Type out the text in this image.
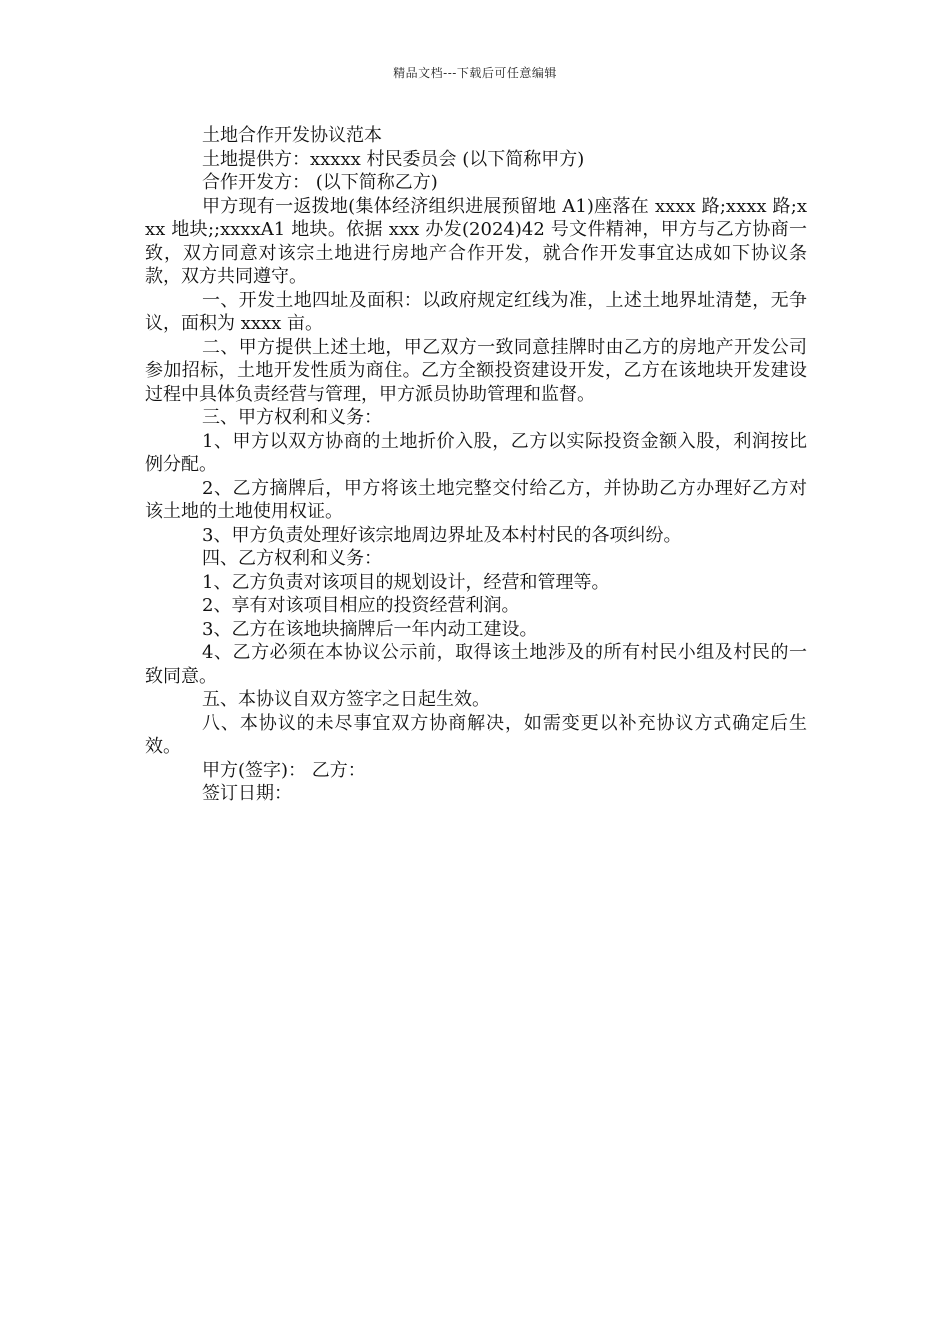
精品文档---下载后可任意编辑

土地合作开发协议范本

土地提供方：xxxxx 村民委员会 (以下简称甲方)

合作开发方： (以下简称乙方)

甲方现有一返拨地(集体经济组织进展预留地 A1)座落在 xxxx 路;xxxx 路;xxx 地块;;xxxxA1 地块。依据 xxx 办发(2024)42 号文件精神，甲方与乙方协商一致，双方同意对该宗土地进行房地产合作开发，就合作开发事宜达成如下协议条款，双方共同遵守。

一、开发土地四址及面积：以政府规定红线为准，上述土地界址清楚，无争议，面积为 xxxx 亩。

二、甲方提供上述土地，甲乙双方一致同意挂牌时由乙方的房地产开发公司参加招标，土地开发性质为商住。乙方全额投资建设开发，乙方在该地块开发建设过程中具体负责经营与管理，甲方派员协助管理和监督。

三、甲方权利和义务：

1、甲方以双方协商的土地折价入股，乙方以实际投资金额入股，利润按比例分配。

2、乙方摘牌后，甲方将该土地完整交付给乙方，并协助乙方办理好乙方对该土地的土地使用权证。

3、甲方负责处理好该宗地周边界址及本村村民的各项纠纷。

四、乙方权利和义务：

1、乙方负责对该项目的规划设计，经营和管理等。

2、享有对该项目相应的投资经营利润。

3、乙方在该地块摘牌后一年内动工建设。

4、乙方必须在本协议公示前，取得该土地涉及的所有村民小组及村民的一致同意。

五、本协议自双方签字之日起生效。

八、本协议的未尽事宜双方协商解决，如需变更以补充协议方式确定后生效。

甲方(签字)： 乙方：

签订日期：
